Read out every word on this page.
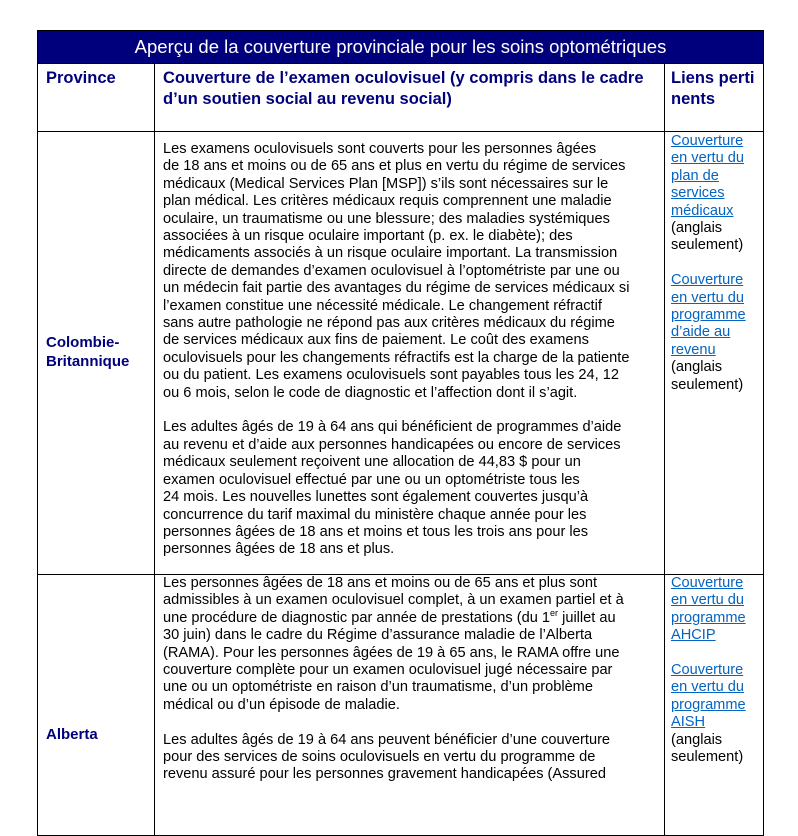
Aperçu de la couverture provinciale pour les soins optométriques
Province	Couverture de l’examen oculovisuel (y compris dans le cadre d’un soutien social au revenu social)
Liens pertinents
Colombie-Britannique
Les examens oculovisuels sont couverts pour les personnes âgées
de 18 ans et moins ou de 65 ans et plus en vertu du régime de services
médicaux (Medical Services Plan [MSP]) s’ils sont nécessaires sur le
plan médical. Les critères médicaux requis comprennent une maladie
oculaire, un traumatisme ou une blessure; des maladies systémiques
associées à un risque oculaire important (p. ex. le diabète); des
médicaments associés à un risque oculaire important. La transmission
directe de demandes d’examen oculovisuel à l’optométriste par une ou
un médecin fait partie des avantages du régime de services médicaux si
l’examen constitue une nécessité médicale. Le changement réfractif
sans autre pathologie ne répond pas aux critères médicaux du régime
de services médicaux aux fins de paiement. Le coût des examens
oculovisuels pour les changements réfractifs est la charge de la patiente
ou du patient. Les examens oculovisuels sont payables tous les 24, 12
ou 6 mois, selon le code de diagnostic et l’affection dont il s’agit.
Les adultes âgés de 19 à 64 ans qui bénéficient de programmes d’aide
au revenu et d’aide aux personnes handicapées ou encore de services
médicaux seulement reçoivent une allocation de 44,83 $ pour un
examen oculovisuel effectué par une ou un optométriste tous les
24 mois. Les nouvelles lunettes sont également couvertes jusqu’à
concurrence du tarif maximal du ministère chaque année pour les
personnes âgées de 18 ans et moins et tous les trois ans pour les
personnes âgées de 18 ans et plus.
Couverture
en vertu du
plan de
services
médicaux
(anglais
seulement)
Couverture
en vertu du
programme
d’aide au
revenu
(anglais
seulement)
Alberta
Les personnes âgées de 18 ans et moins ou de 65 ans et plus sont
admissibles à un examen oculovisuel complet, à un examen partiel et à
une procédure de diagnostic par année de prestations (du 1er juillet au
30 juin) dans le cadre du Régime d’assurance maladie de l’Alberta
(RAMA). Pour les personnes âgées de 19 à 65 ans, le RAMA offre une
couverture complète pour un examen oculovisuel jugé nécessaire par
une ou un optométriste en raison d’un traumatisme, d’un problème
médical ou d’un épisode de maladie.
Les adultes âgés de 19 à 64 ans peuvent bénéficier d’une couverture
pour des services de soins oculovisuels en vertu du programme de
revenu assuré pour les personnes gravement handicapées (Assured
Couverture
en vertu du
programme
AHCIP
Couverture
en vertu du
programme
AISH
(anglais
seulement)
